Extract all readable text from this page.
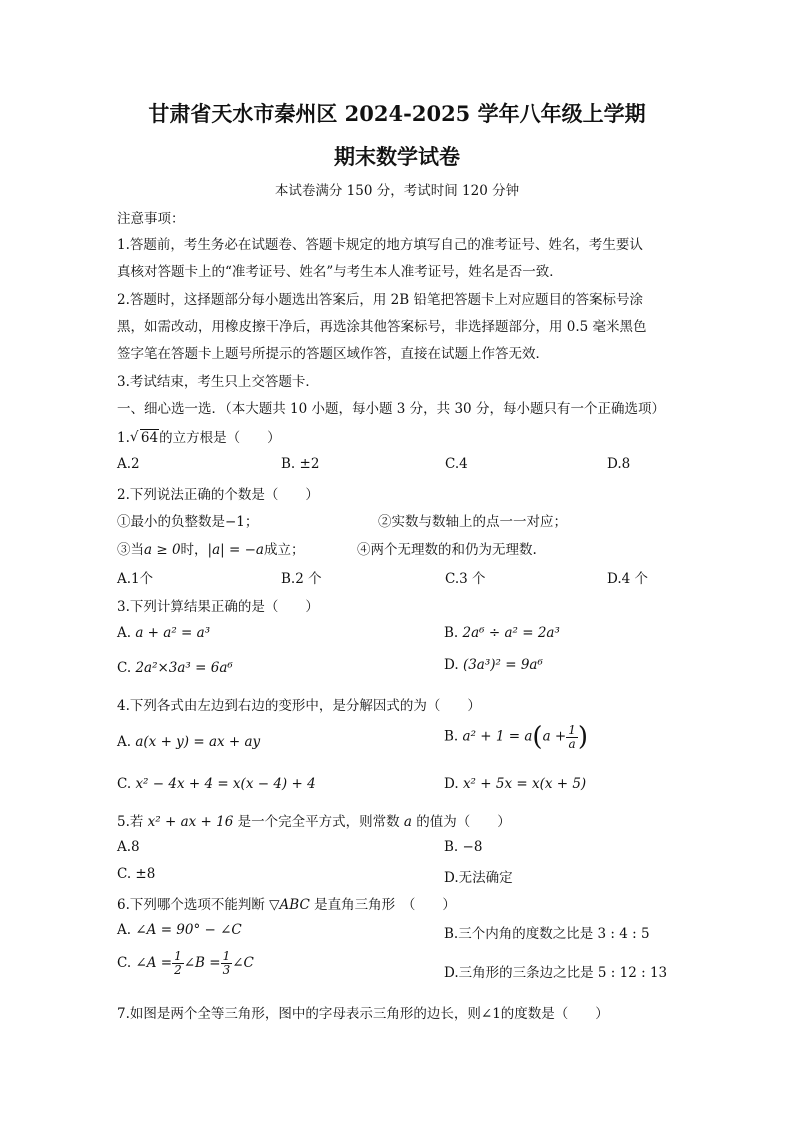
甘肃省天水市秦州区 2024-2025 学年八年级上学期
期末数学试卷
本试卷满分 150 分，考试时间 120 分钟
注意事项：
1.答题前，考生务必在试题卷、答题卡规定的地方填写自己的准考证号、姓名，考生要认
真核对答题卡上的“准考证号、姓名”与考生本人准考证号，姓名是否一致．
2.答题时，这择题部分每小题选出答案后，用 2B 铅笔把答题卡上对应题目的答案标号涂
黑，如需改动，用橡皮擦干净后，再选涂其他答案标号，非选择题部分，用 0.5 毫米黑色
签字笔在答题卡上题号所提示的答题区域作答，直接在试题上作答无效．
3.考试结束，考生只上交答题卡．
一、细心选一选．（本大题共 10 小题，每小题 3 分，共 30 分，每小题只有一个正确选项）
1.√ 64的立方根是（　　）
A.2	B. ±2	C.4	D.8
2.下列说法正确的个数是（　　）
①最小的负整数是−1；	②实数与数轴上的点一一对应；
③当a ≥ 0时，|a| = −a成立；	④两个无理数的和仍为无理数.
A.1个	B.2 个	C.3 个	D.4 个
3.下列计算结果正确的是（　　）
A. a + a² = a³	B. 2a⁶ ÷ a² = 2a³
C. 2a²×3a³ = 6a⁶	D. (3a³)² = 9a⁶
4.下列各式由左边到右边的变形中，是分解因式的为（　　）
A. a(x + y) = ax + ay	B. $a^2 + 1 = a(a + \frac{1}{a}$ )
C. x² − 4x + 4 = x(x − 4) + 4	D. x² + 5x = x(x + 5)
5.若 x² + ax + 16 是一个完全平方式，则常数 a 的值为（　　）
A.8	B. −8
C. ±8	D.无法确定
6.下列哪个选项不能判断 ▽ABC 是直角三角形　（　　）
A. ∠A = 90° − ∠C	B.三个内角的度数之比是 3 : 4 : 5
C. ∠A = $\frac{1}{2}$ ∠B = $\frac{1}{3}$ ∠C
D.三角形的三条边之比是 5 : 12 : 13
7.如图是两个全等三角形，图中的字母表示三角形的边长，则∠1的度数是（　　）
